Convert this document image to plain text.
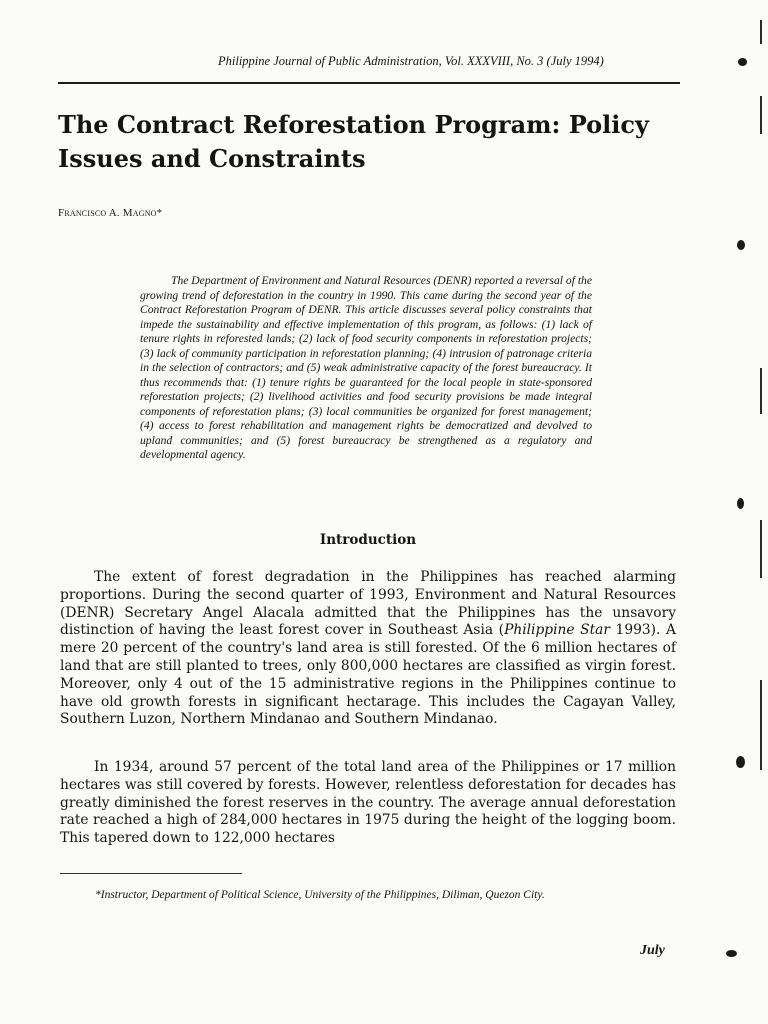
Philippine Journal of Public Administration, Vol. XXXVIII, No. 3 (July 1994)
The Contract Reforestation Program: Policy Issues and Constraints
Francisco A. Magno*

The Department of Environment and Natural Resources (DENR) reported a reversal of the growing trend of deforestation in the country in 1990. This came during the second year of the Contract Reforestation Program of DENR. This article discusses several policy constraints that impede the sustainability and effective implementation of this program, as follows: (1) lack of tenure rights in reforested lands; (2) lack of food security components in reforestation projects; (3) lack of community participation in reforestation planning; (4) intrusion of patronage criteria in the selection of contractors; and (5) weak administrative capacity of the forest bureaucracy. It thus recommends that: (1) tenure rights be guaranteed for the local people in state-sponsored reforestation projects; (2) livelihood activities and food security provisions be made integral components of reforestation plans; (3) local communities be organized for forest management; (4) access to forest rehabilitation and management rights be democratized and devolved to upland communities; and (5) forest bureaucracy be strengthened as a regulatory and developmental agency.

Introduction

The extent of forest degradation in the Philippines has reached alarming proportions. During the second quarter of 1993, Environment and Natural Resources (DENR) Secretary Angel Alacala admitted that the Philippines has the unsavory distinction of having the least forest cover in Southeast Asia (Philippine Star 1993). A mere 20 percent of the country's land area is still forested. Of the 6 million hectares of land that are still planted to trees, only 800,000 hectares are classified as virgin forest. Moreover, only 4 out of the 15 administrative regions in the Philippines continue to have old growth forests in significant hectarage. This includes the Cagayan Valley, Southern Luzon, Northern Mindanao and Southern Mindanao.

In 1934, around 57 percent of the total land area of the Philippines or 17 million hectares was still covered by forests. However, relentless deforestation for decades has greatly diminished the forest reserves in the country. The average annual deforestation rate reached a high of 284,000 hectares in 1975 during the height of the logging boom. This tapered down to 122,000 hectares

*Instructor, Department of Political Science, University of the Philippines, Diliman, Quezon City.
July
